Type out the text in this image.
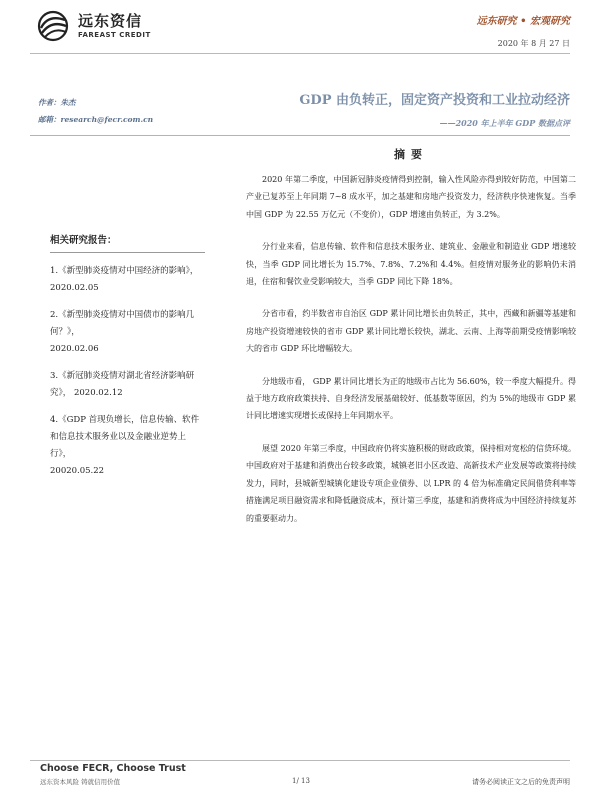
远东资信
FAREAST CREDIT
远东研究 • 宏观研究
2020 年 8 月 27 日
作者：朱杰
邮箱：research@fecr.com.cn
GDP 由负转正，固定资产投资和工业拉动经济
——2020 年上半年 GDP 数据点评
相关研究报告：
1.《新型肺炎疫情对中国经济的影响》， 2020.02.05
2.《新型肺炎疫情对中国债市的影响几何？》，
2020.02.06
3.《新冠肺炎疫情对湖北省经济影响研究》， 2020.02.12
4.《GDP 首现负增长，信息传输、软件和信息技术服务业以及金融业逆势上行》，
20020.05.22
摘要

2020 年第二季度，中国新冠肺炎疫情得到控制，输入性风险亦得到较好防范，中国第二产业已复苏至上年同期 7~8 成水平，加之基建和房地产投资发力，经济秩序快速恢复。当季中国 GDP 为 22.55 万亿元（不变价），GDP 增速由负转正，为 3.2%。

分行业来看，信息传输、软件和信息技术服务业、建筑业、金融业和制造业 GDP 增速较快，当季 GDP 同比增长为 15.7%、7.8%、7.2%和 4.4%。但疫情对服务业的影响仍未消退，住宿和餐饮业受影响较大，当季 GDP 同比下降 18%。

分省市看，约半数省市自治区 GDP 累计同比增长由负转正，其中，西藏和新疆等基建和房地产投资增速较快的省市 GDP 累计同比增长较快，湖北、云南、上海等前期受疫情影响较大的省市 GDP 环比增幅较大。

分地级市看， GDP 累计同比增长为正的地级市占比为 56.60%，较一季度大幅提升。得益于地方政府政策扶持、自身经济发展基础较好、低基数等原因，约为 5%的地级市 GDP 累计同比增速实现增长或保持上年同期水平。

展望 2020 年第三季度，中国政府仍将实施积极的财政政策，保持相对宽松的信贷环境。中国政府对于基建和消费出台较多政策，城镇老旧小区改造、高新技术产业发展等政策将持续发力，同时，县城新型城镇化建设专项企业债券、以 LPR 的 4 倍为标准确定民间借贷利率等措施满足项目融资需求和降低融资成本，预计第三季度，基建和消费将成为中国经济持续复苏的重要驱动力。

Choose FECR, Choose Trust
远东资本风险 铸就信用价值	1/ 13	请务必阅读正文之后的免责声明
